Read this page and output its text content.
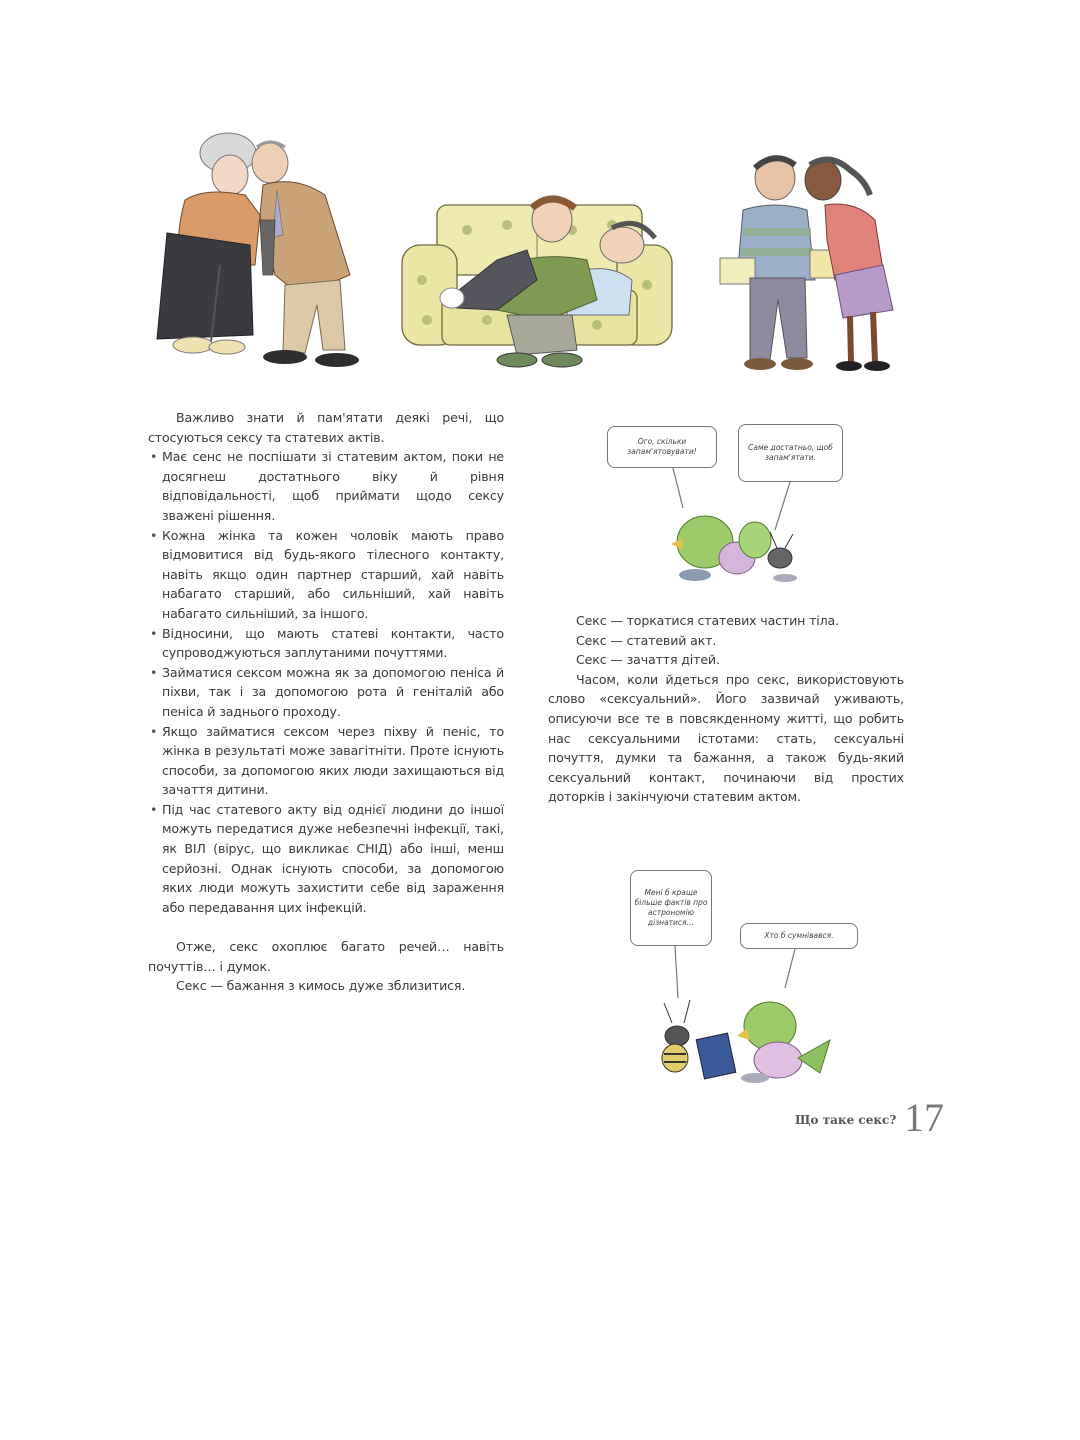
Важливо знати й пам'ятати деякі речі, що стосуються сексу та статевих актів.

• Має сенс не поспішати зі статевим актом, поки не досягнеш достатнього віку й рівня відповідальності, щоб приймати щодо сексу зважені рішення.

• Кожна жінка та кожен чоловік мають право відмовитися від будь-якого тілесного контакту, навіть якщо один партнер старший, хай навіть набагато старший, або сильніший, хай навіть набагато сильніший, за іншого.

• Відносини, що мають статеві контакти, часто супроводжуються заплутаними почуттями.

• Займатися сексом можна як за допомогою пеніса й піхви, так і за допомогою рота й геніталій або пеніса й заднього проходу.

• Якщо займатися сексом через піхву й пеніс, то жінка в результаті може завагітніти. Проте існують способи, за допомогою яких люди захищаються від зачаття дитини.

• Під час статевого акту від однієї людини до іншої можуть передатися дуже небезпечні інфекції, такі, як ВІЛ (вірус, що викликає СНІД) або інші, менш серйозні. Однак існують способи, за допомогою яких люди можуть захистити себе від зараження або передавання цих інфекцій.

Отже, секс охоплює багато речей… навіть почуттів… і думок.

Секс — бажання з кимось дуже зблизитися.

Ого, скільки запам'ятовувати!	Саме достатньо, щоб запам'ятати.

Секс — торкатися статевих частин тіла.

Секс — статевий акт.

Секс — зачаття дітей.

Часом, коли йдеться про секс, використовують слово «сексуальний». Його зазвичай уживають, описуючи все те в повсякденному житті, що робить нас сексуальними істотами: стать, сексуальні почуття, думки та бажання, а також будь-який сексуальний контакт, починаючи від простих доторків і закінчуючи статевим актом.

Мені б краще більше фактів про астрономію дізнатися…
Хто б сумнівався.
Що таке секс? 17
